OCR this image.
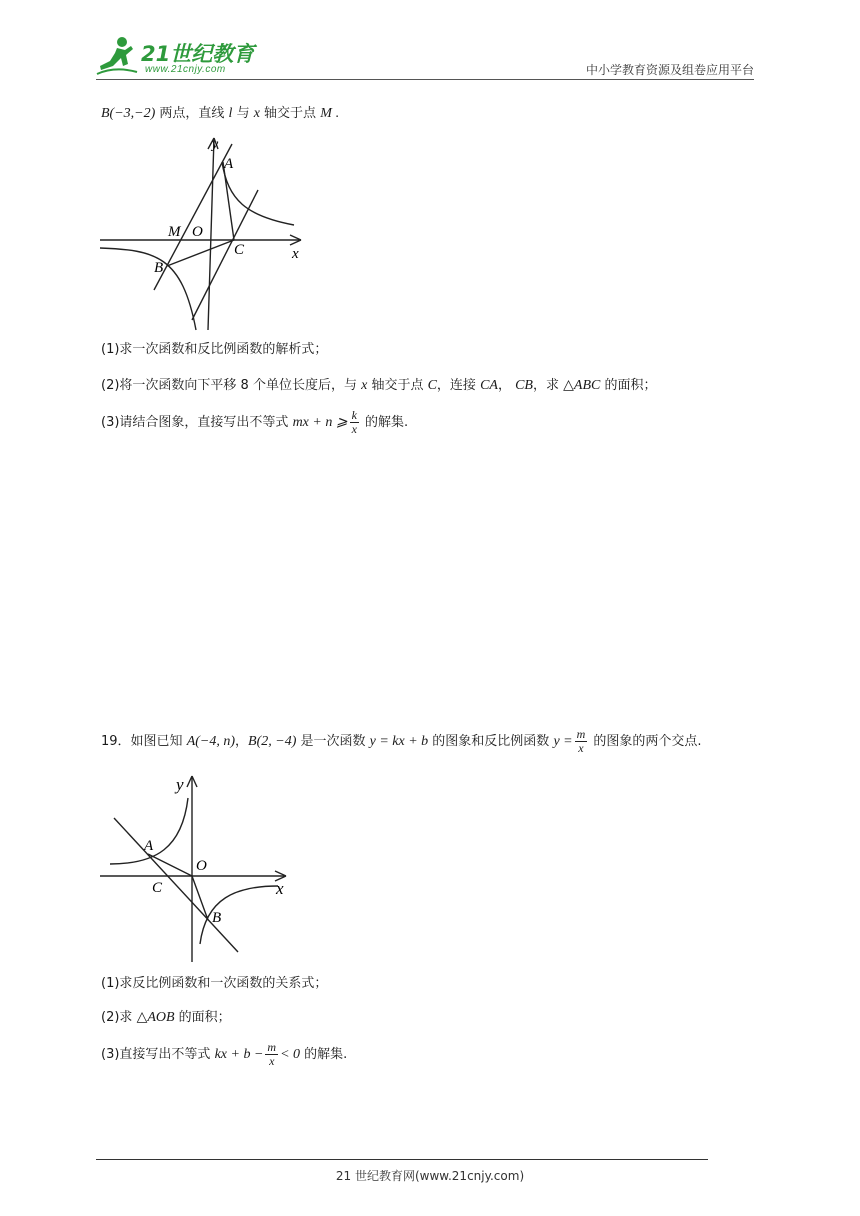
21世纪教育
www.21cnjy.com	中小学教育资源及组卷应用平台
B(−3,−2) 两点，直线 l 与 x 轴交于点 M .
y
A
M O
C
B
x
(1)求一次函数和反比例函数的解析式；
(2)将一次函数向下平移 8 个单位长度后，与 x 轴交于点 C，连接 CA， CB，求 △ABC 的面积；
(3)请结合图象，直接写出不等式 mx + n ⩾ $\frac{k}{x}$ 的解集.
19．如图已知 A(−4, n)，B(2, −4) 是一次函数 y = kx + b 的图象和反比例函数 $y = \frac{m}{x}$ 的图象的两个交点.
y
A
O
C	x
B
(1)求反比例函数和一次函数的关系式；
(2)求 △AOB 的面积；
(3)直接写出不等式 kx + $b - \frac{m}{x} < 0$ 的解集.
21 世纪教育网(www.21cnjy.com)
